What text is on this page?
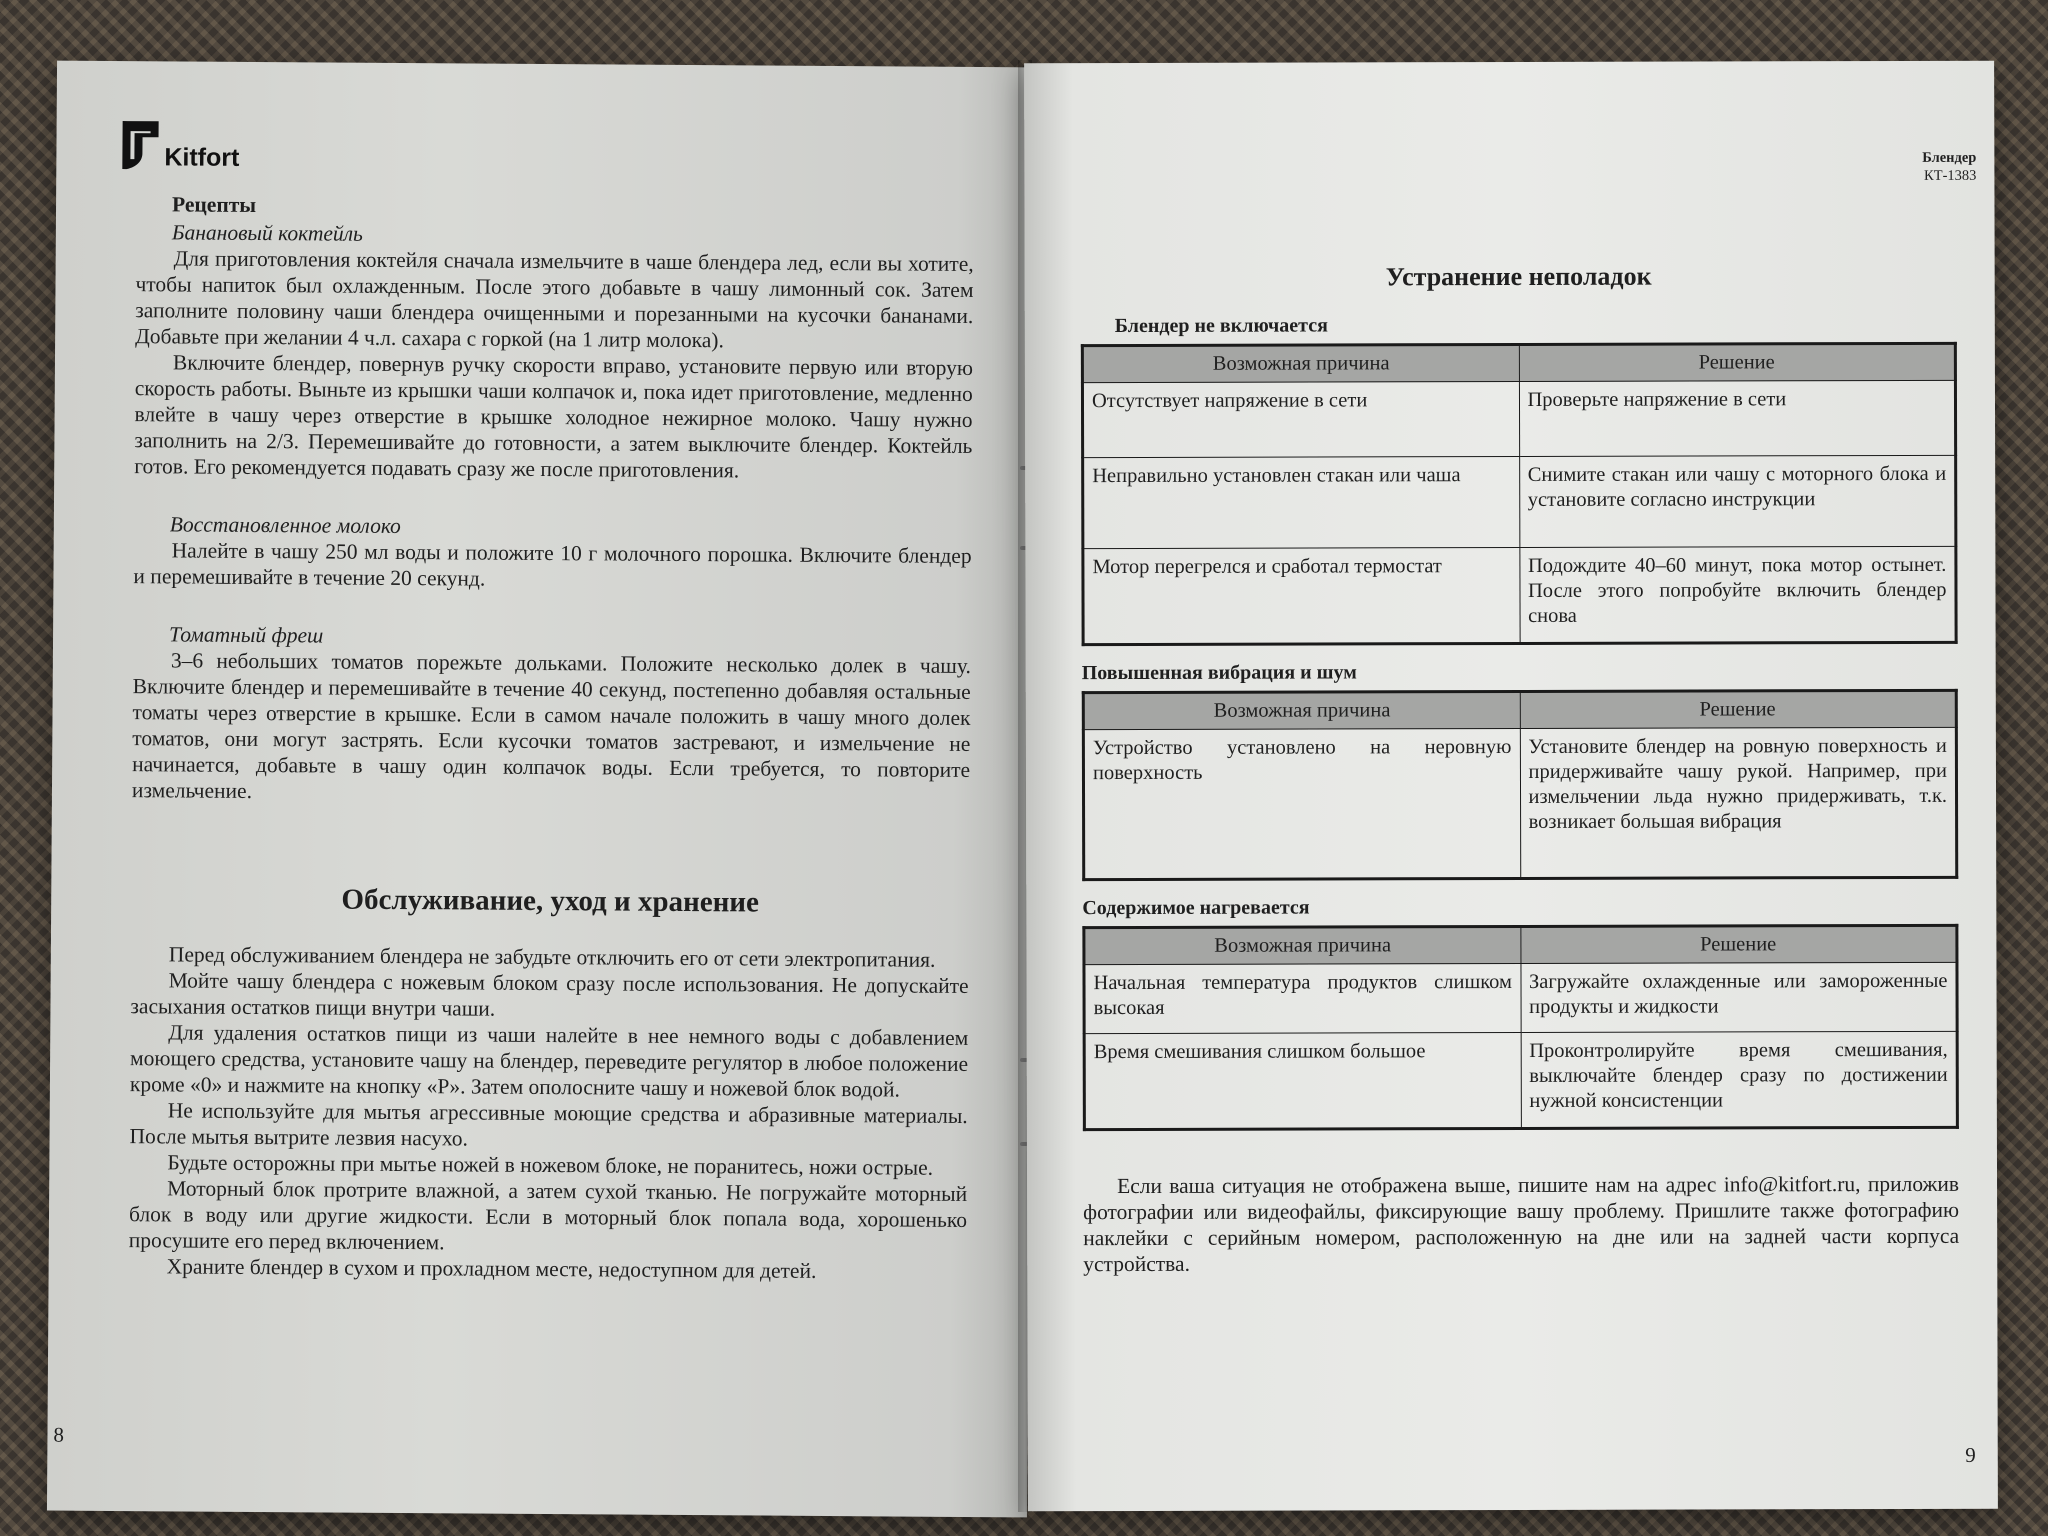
Kitfort
Рецепты
Банановый коктейль

Для приготовления коктейля сначала измельчите в чаше блендера лед, если вы хотите, чтобы напиток был охлажденным. После этого добавьте в чашу лимонный сок. Затем заполните половину чаши блендера очищенными и порезанными на кусочки бананами. Добавьте при желании 4 ч.л. сахара с горкой (на 1 литр молока).

Включите блендер, повернув ручку скорости вправо, установите первую или вторую скорость работы. Выньте из крышки чаши колпачок и, пока идет приготовление, медленно влейте в чашу через отверстие в крышке холодное нежирное молоко. Чашу нужно заполнить на 2/3. Перемешивайте до готовности, а затем выключите блендер. Коктейль готов. Его рекомендуется подавать сразу же после приготовления.

Восстановленное молоко

Налейте в чашу 250 мл воды и положите 10 г молочного порошка. Включите блендер и перемешивайте в течение 20 секунд.

Томатный фреш

3–6 небольших томатов порежьте дольками. Положите несколько долек в чашу. Включите блендер и перемешивайте в течение 40 секунд, постепенно добавляя остальные томаты через отверстие в крышке. Если в самом начале положить в чашу много долек томатов, они могут застрять. Если кусочки томатов застревают, и измельчение не начинается, добавьте в чашу один колпачок воды. Если требуется, то повторите измельчение.

Обслуживание, уход и хранение

Перед обслуживанием блендера не забудьте отключить его от сети электропитания.

Мойте чашу блендера с ножевым блоком сразу после использования. Не допускайте засыхания остатков пищи внутри чаши.

Для удаления остатков пищи из чаши налейте в нее немного воды с добавлением моющего средства, установите чашу на блендер, переведите регулятор в любое положение кроме «0» и нажмите на кнопку «P». Затем ополосните чашу и ножевой блок водой.

Не используйте для мытья агрессивные моющие средства и абразивные материалы. После мытья вытрите лезвия насухо.

Будьте осторожны при мытье ножей в ножевом блоке, не поранитесь, ножи острые.

Моторный блок протрите влажной, а затем сухой тканью. Не погружайте моторный блок в воду или другие жидкости. Если в моторный блок попала вода, хорошенько просушите его перед включением.

Храните блендер в сухом и прохладном месте, недоступном для детей.

8
Блендер
КТ-1383
Устранение неполадок
Блендер не включается
Возможная причина	Решение
Отсутствует напряжение в сети	Проверьте напряжение в сети
Неправильно установлен стакан или чаша	Снимите стакан или чашу с моторного блока и установите согласно инструкции
Мотор перегрелся и сработал термостат	Подождите 40–60 минут, пока мотор остынет. После этого попробуйте включить блендер снова
Повышенная вибрация и шум
Возможная причина	Решение
Устройство установлено на неровную поверхность	Установите блендер на ровную поверхность и придерживайте чашу рукой. Например, при измельчении льда нужно придерживать, т.к. возникает большая вибрация
Содержимое нагревается
Возможная причина	Решение
Начальная температура продуктов слишком высокая	Загружайте охлажденные или замороженные продукты и жидкости
Время смешивания слишком большое	Проконтролируйте время смешивания, выключайте блендер сразу по достижении нужной консистенции

Если ваша ситуация не отображена выше, пишите нам на адрес info@kitfort.ru, приложив фотографии или видеофайлы, фиксирующие вашу проблему. Пришлите также фотографию наклейки с серийным номером, расположенную на дне или на задней части корпуса устройства.

9
